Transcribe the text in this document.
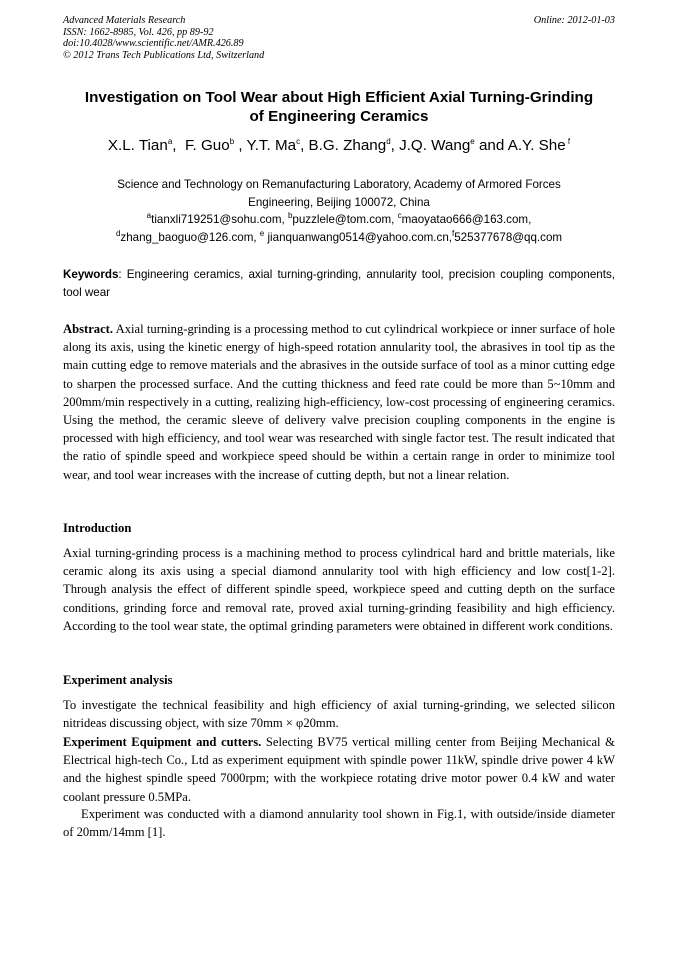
Advanced Materials Research
ISSN: 1662-8985, Vol. 426, pp 89-92
doi:10.4028/www.scientific.net/AMR.426.89
© 2012 Trans Tech Publications Ltd, Switzerland
Online: 2012-01-03
Investigation on Tool Wear about High Efficient Axial Turning-Grinding
of Engineering Ceramics
X.L. Tian$^a$,  F. Guo$^b$ , Y.T. Ma$^c$, B.G. Zhang$^d$, J.Q. Wang$^e$ and A.Y. She $^f$
Science and Technology on Remanufacturing Laboratory, Academy of Armored Forces
Engineering, Beijing 100072, China
$^a$tianxli719251@sohu.com, $^b$puzzlele@tom.com, $^c$maoyatao666@163.com,
$^d$zhang_baoguo@126.com, $^e$ jianquanwang0514@yahoo.com.cn,$^f$525377678@qq.com
Keywords: Engineering ceramics, axial turning-grinding, annularity tool, precision coupling components, tool wear
Abstract. Axial turning-grinding is a processing method to cut cylindrical workpiece or inner surface of hole along its axis, using the kinetic energy of high-speed rotation annularity tool, the abrasives in tool tip as the main cutting edge to remove materials and the abrasives in the outside surface of tool as a minor cutting edge to sharpen the processed surface. And the cutting thickness and feed rate could be more than 5~10mm and 200mm/min respectively in a cutting, realizing high-efficiency, low-cost processing of engineering ceramics. Using the method, the ceramic sleeve of delivery valve precision coupling components in the engine is processed with high efficiency, and tool wear was researched with single factor test. The result indicated that the ratio of spindle speed and workpiece speed should be within a certain range in order to minimize tool wear, and tool wear increases with the increase of cutting depth, but not a linear relation.
Introduction
Axial turning-grinding process is a machining method to process cylindrical hard and brittle materials, like ceramic along its axis using a special diamond annularity tool with high efficiency and low cost[1-2]. Through analysis the effect of different spindle speed, workpiece speed and cutting depth on the surface conditions, grinding force and removal rate, proved axial turning-grinding feasibility and high efficiency. According to the tool wear state, the optimal grinding parameters were obtained in different work conditions.
Experiment analysis
To investigate the technical feasibility and high efficiency of axial turning-grinding, we selected silicon nitrideas discussing object, with size 70mm × φ20mm.
Experiment Equipment and cutters. Selecting BV75 vertical milling center from Beijing Mechanical & Electrical high-tech Co., Ltd as experiment equipment with spindle power 11kW, spindle drive power 4 kW and the highest spindle speed 7000rpm; with the workpiece rotating drive motor power 0.4 kW and water coolant pressure 0.5MPa.
Experiment was conducted with a diamond annularity tool shown in Fig.1, with outside/inside diameter of 20mm/14mm [1].
